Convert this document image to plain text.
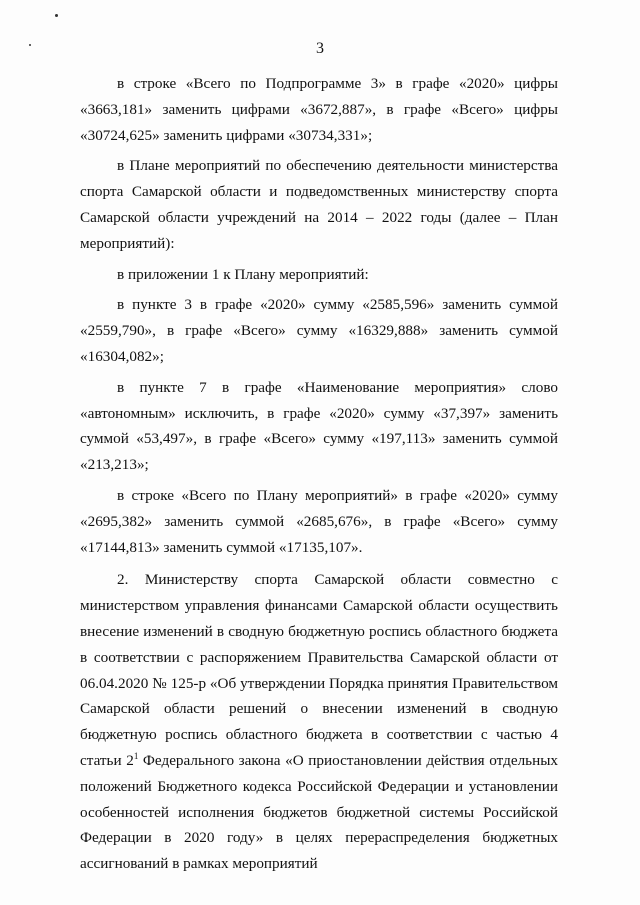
3

в строке «Всего по Подпрограмме 3» в графе «2020» цифры «3663,181» заменить цифрами «3672,887», в графе «Всего» цифры «30724,625» заменить цифрами «30734,331»;

в Плане мероприятий по обеспечению деятельности министерства спорта Самарской области и подведомственных министерству спорта Самарской области учреждений на 2014 – 2022 годы (далее – План мероприятий):

в приложении 1 к Плану мероприятий:

в пункте 3 в графе «2020» сумму «2585,596» заменить суммой «2559,790», в графе «Всего» сумму «16329,888» заменить суммой «16304,082»;

в пункте 7 в графе «Наименование мероприятия» слово «автономным» исключить, в графе «2020» сумму «37,397» заменить суммой «53,497», в графе «Всего» сумму «197,113» заменить суммой «213,213»;

в строке «Всего по Плану мероприятий» в графе «2020» сумму «2695,382» заменить суммой «2685,676», в графе «Всего» сумму «17144,813» заменить суммой «17135,107».

2. Министерству спорта Самарской области совместно с министерством управления финансами Самарской области осуществить внесение изменений в сводную бюджетную роспись областного бюджета в соответствии с распоряжением Правительства Самарской области от 06.04.2020 № 125-р «Об утверждении Порядка принятия Правительством Самарской области решений о внесении изменений в сводную бюджетную роспись областного бюджета в соответствии с частью 4 статьи $2^1$ Федерального закона «О приостановлении действия отдельных положений Бюджетного кодекса Российской Федерации и установлении особенностей исполнения бюджетов бюджетной системы Российской Федерации в 2020 году» в целях перераспределения бюджетных ассигнований в рамках мероприятий
